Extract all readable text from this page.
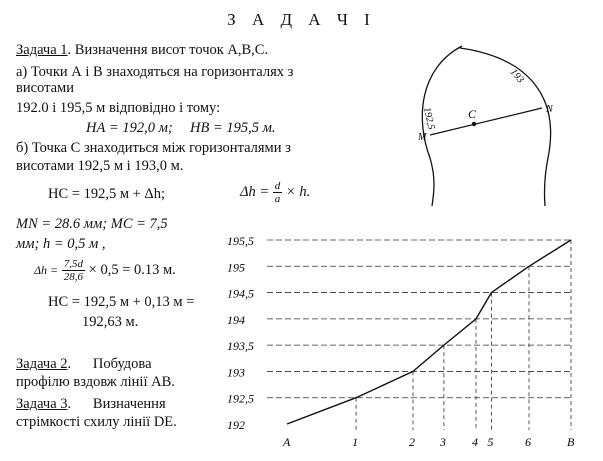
З А Д А Ч І
Задача 1. Визначення висот точок А,В,С.
а) Точки А і В знаходяться на горизонталях з
висотами
192.0 і 195,5 м відповідно і тому:
HА = 192,0 м; HВ = 195,5 м.
б) Точка С знаходиться між горизонталями з
висотами 192,5 м і 193,0 м.
HC = 192,5 м + Δh;	$\Delta h = \frac{d}{a} \times h$.
MN = 28.6 мм; MC = 7,5
мм; h = 0,5 м ,
$\Delta h = \frac{7,5d}{28,6} \times 0,5 = 0.13$ м.
HC = 192,5 м + 0,13 м =
192,63 м.
Задача 2.      Побудова
профілю вздовж лінії АВ.
Задача 3.      Визначення
стрімкості схилу лінії DE.
192,5
193
M
C	N
192
192,5
193
193,5
194
194,5
195
195,5
A	1	2 3 4 5	6	B
